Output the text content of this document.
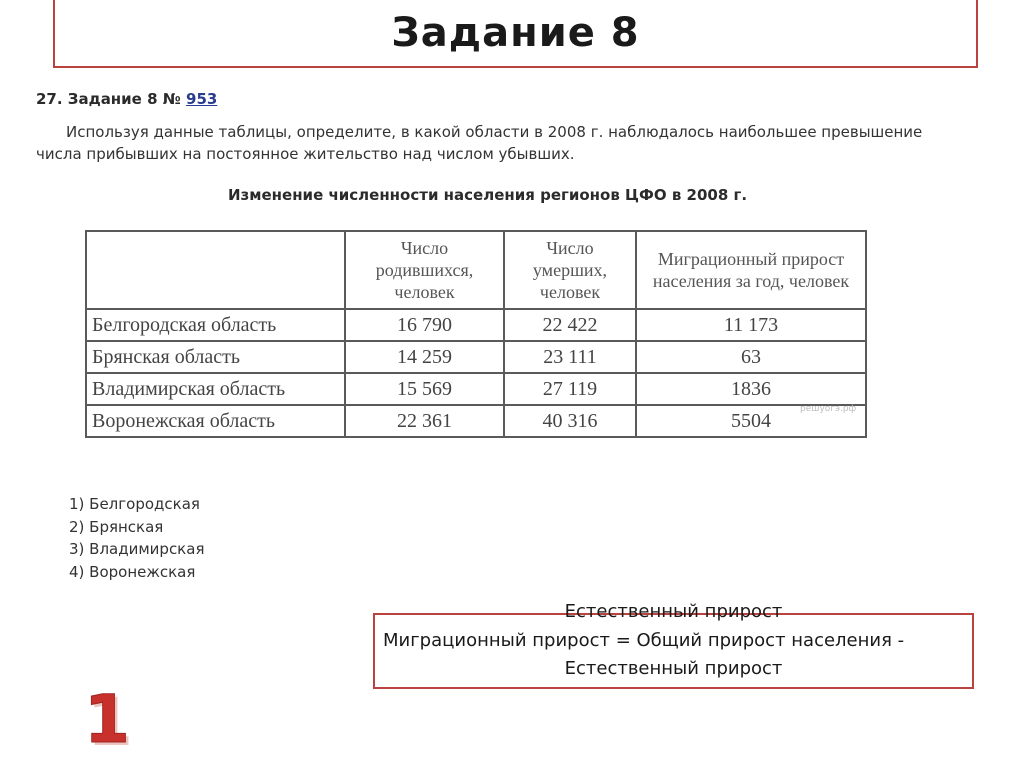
Задание 8
27. Задание 8 № 953
Используя данные таблицы, определите, в какой области в 2008 г. наблюдалось наибольшее превышение числа прибывших на постоянное жительство над числом убывших.
Изменение численности населения регионов ЦФО в 2008 г.
	Число родившихся, человек	Число умерших, человек	Миграционный прирост населения за год, человек
Белгородская область	16 790	22 422	11 173
Брянская область	14 259	23 111	63
Владимирская область	15 569	27 119	1836
Воронежская область	22 361	40 316	5504
решуогэ.рф
1) Белгородская
2) Брянская
3) Владимирская
4) Воронежская
Естественный прирост
Миграционный прирост = Общий прирост населения -
Естественный прирост
1
